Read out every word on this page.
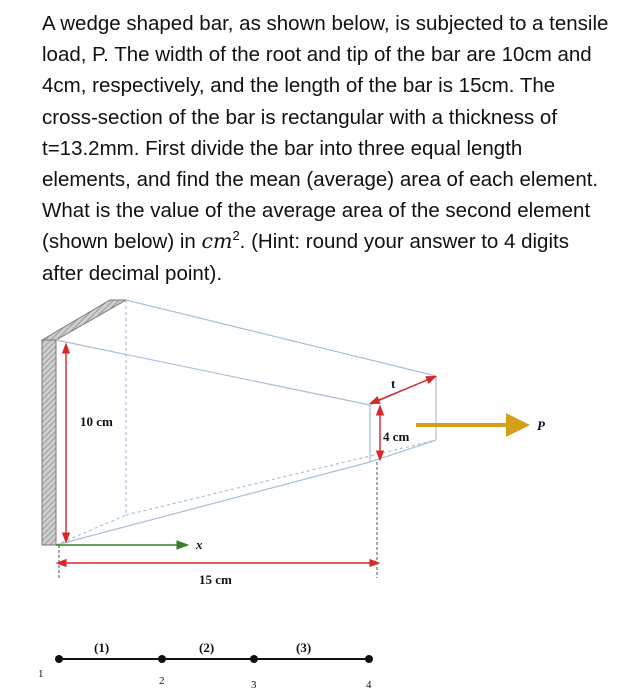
A wedge shaped bar, as shown below, is subjected to a tensile load, P. The width of the root and tip of the bar are 10cm and 4cm, respectively, and the length of the bar is 15cm. The cross-section of the bar is rectangular with a thickness of t=13.2mm. First divide the bar into three equal length elements, and find the mean (average) area of each element. What is the value of the average area of the second element (shown below) in $cm^2$. (Hint: round your answer to 4 digits after decimal point).
10 cm
4 cm
t
P
x
15 cm
(1)	(2)	(3)
1
2	3	4
